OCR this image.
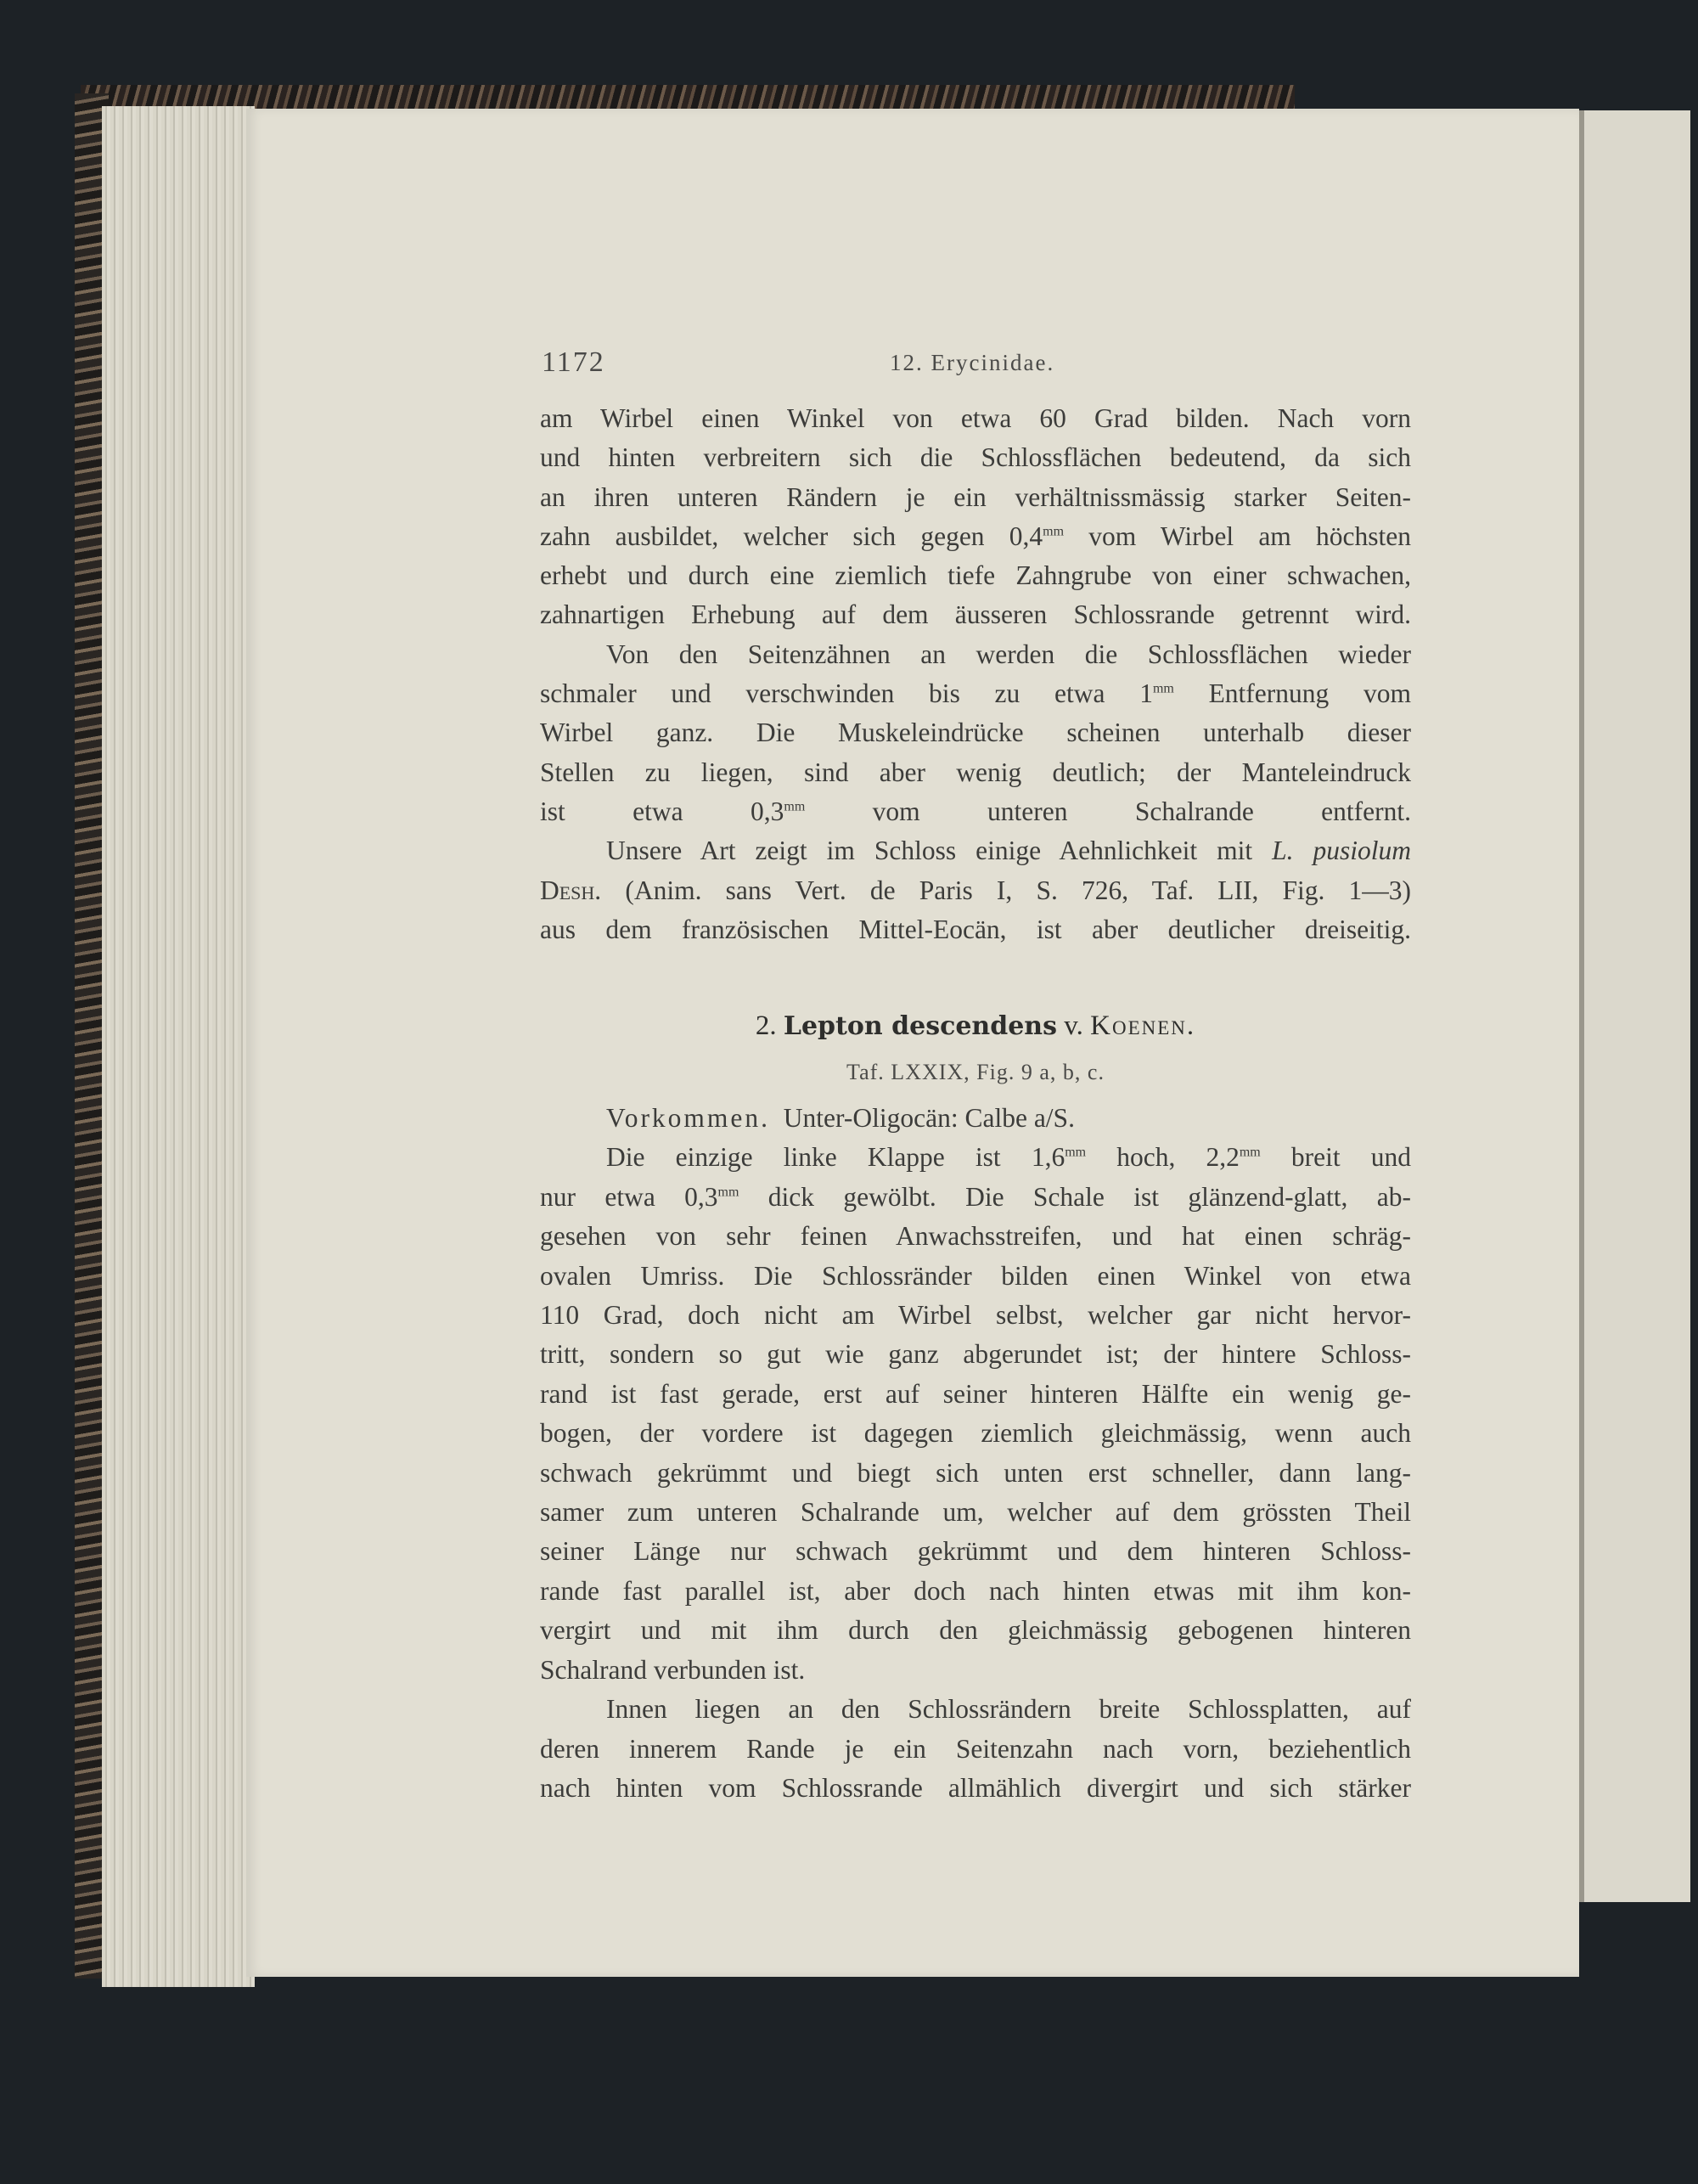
1172	12. Erycinidae.

am Wirbel einen Winkel von etwa 60 Grad bilden. Nach vorn
und hinten verbreitern sich die Schlossflächen bedeutend, da sich
an ihren unteren Rändern je ein verhältnissmässig starker Seiten-
zahn ausbildet, welcher sich gegen $0,4^{mm}$ vom Wirbel am höchsten
erhebt und durch eine ziemlich tiefe Zahngrube von einer schwachen,
zahnartigen Erhebung auf dem äusseren Schlossrande getrennt wird.

Von den Seitenzähnen an werden die Schlossflächen wieder
schmaler und verschwinden bis zu etwa $1^{mm}$ Entfernung vom
Wirbel ganz. Die Muskeleindrücke scheinen unterhalb dieser
Stellen zu liegen, sind aber wenig deutlich; der Manteleindruck
ist etwa $0,3^{mm}$ vom unteren Schalrande entfernt.

Unsere Art zeigt im Schloss einige Aehnlichkeit mit L. pusiolum
Desh. (Anim. sans Vert. de Paris I, S. 726, Taf. LII, Fig. 1—3)
aus dem französischen Mittel-Eocän, ist aber deutlicher dreiseitig.

2. Lepton descendens v. Koenen.
Taf. LXXIX, Fig. 9 a, b, c.
Vorkommen. Unter-Oligocän: Calbe a/S.
Die einzige linke Klappe ist $1,6^{mm}$ hoch, $2,2^{mm}$ breit und
nur etwa $0,3^{mm}$ dick gewölbt. Die Schale ist glänzend-glatt, ab-
gesehen von sehr feinen Anwachsstreifen, und hat einen schräg-
ovalen Umriss. Die Schlossränder bilden einen Winkel von etwa
110 Grad, doch nicht am Wirbel selbst, welcher gar nicht hervor-
tritt, sondern so gut wie ganz abgerundet ist; der hintere Schloss-
rand ist fast gerade, erst auf seiner hinteren Hälfte ein wenig ge-
bogen, der vordere ist dagegen ziemlich gleichmässig, wenn auch
schwach gekrümmt und biegt sich unten erst schneller, dann lang-
samer zum unteren Schalrande um, welcher auf dem grössten Theil
seiner Länge nur schwach gekrümmt und dem hinteren Schloss-
rande fast parallel ist, aber doch nach hinten etwas mit ihm kon-
vergirt und mit ihm durch den gleichmässig gebogenen hinteren
Schalrand verbunden ist.
Innen liegen an den Schlossrändern breite Schlossplatten, auf
deren innerem Rande je ein Seitenzahn nach vorn, beziehentlich
nach hinten vom Schlossrande allmählich divergirt und sich stärker
